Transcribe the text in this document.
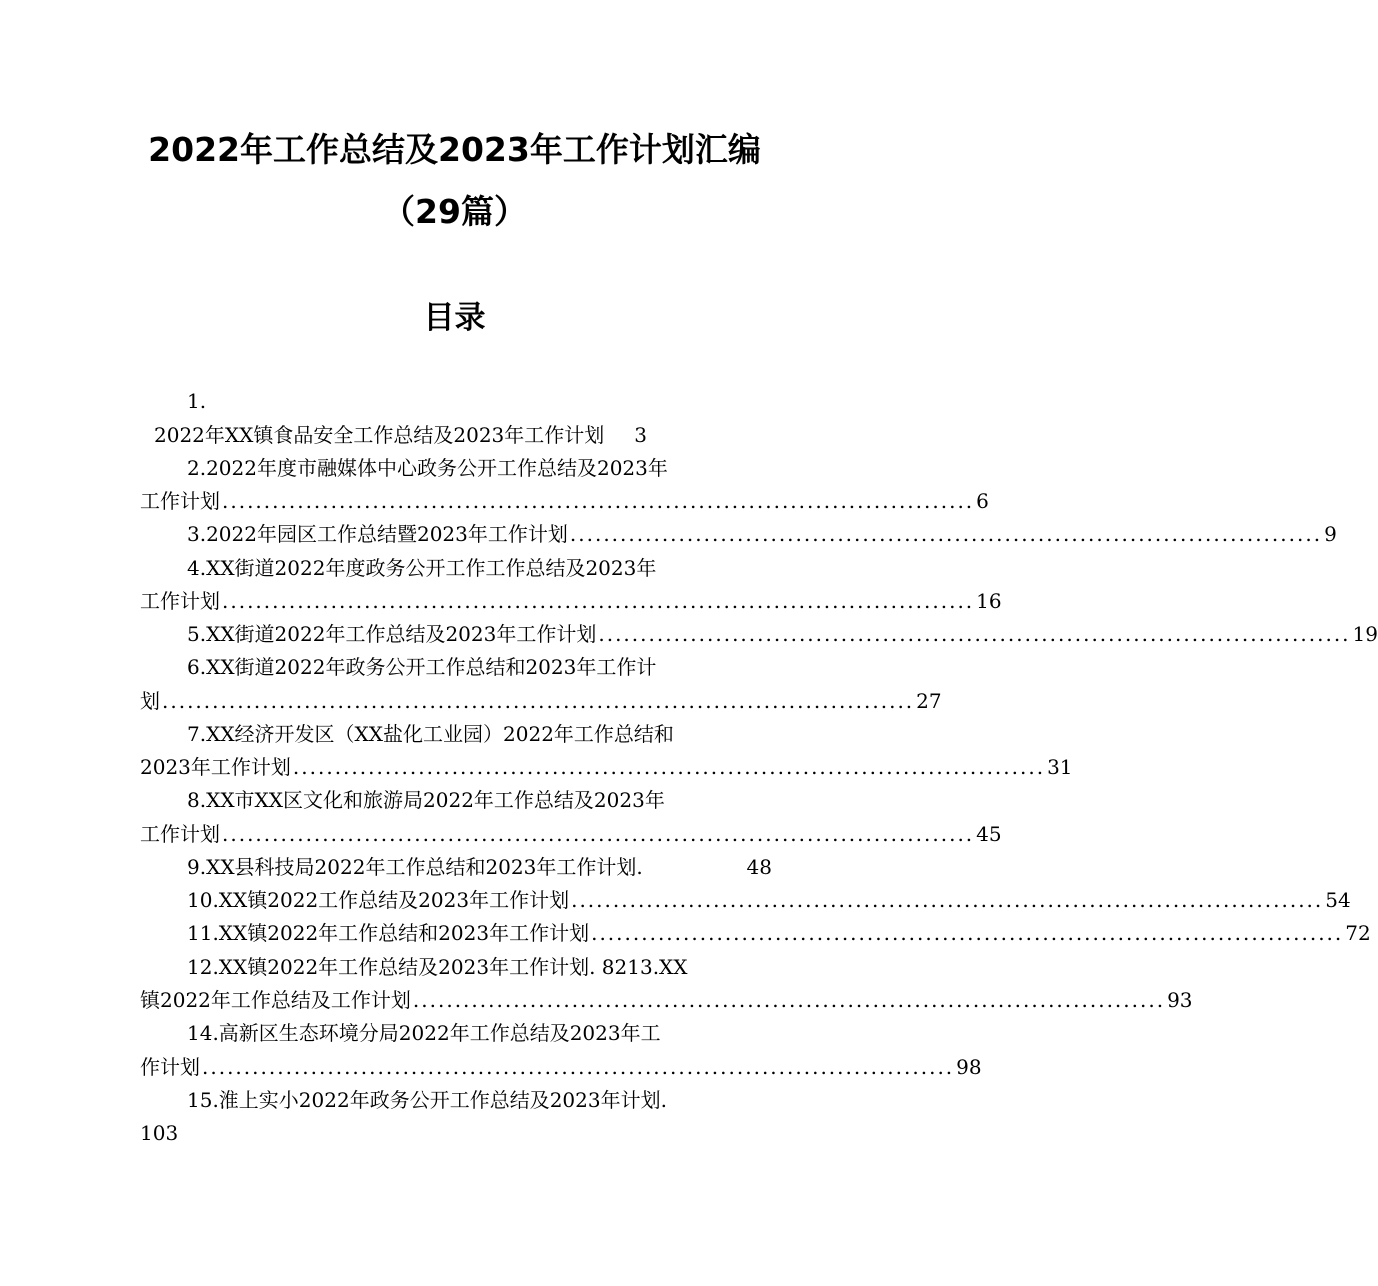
2022年工作总结及2023年工作计划汇编
（29篇）
目录
1.
2022年XX镇食品安全工作总结及2023年工作计划 3
2.2022年度市融媒体中心政务公开工作总结及2023年
工作计划 .......................................................................................... 6
3.2022年园区工作总结暨2023年工作计划 .......................................................................................... 9
4.XX街道2022年度政务公开工作工作总结及2023年
工作计划 .......................................................................................... 16
5.XX街道2022年工作总结及2023年工作计划 .......................................................................................... 19
6.XX街道2022年政务公开工作总结和2023年工作计
划 .......................................................................................... 27
7.XX经济开发区（XX盐化工业园）2022年工作总结和
2023年工作计划 .......................................................................................... 31
8.XX市XX区文化和旅游局2022年工作总结及2023年
工作计划 .......................................................................................... 45
9.XX县科技局2022年工作总结和2023年工作计划.	48
10.XX镇2022工作总结及2023年工作计划 .......................................................................................... 54
11.XX镇2022年工作总结和2023年工作计划 .......................................................................................... 72
12.XX镇2022年工作总结及2023年工作计划. 8213.XX
镇2022年工作总结及工作计划 .......................................................................................... 93
14.高新区生态环境分局2022年工作总结及2023年工
作计划 .......................................................................................... 98
15.淮上实小2022年政务公开工作总结及2023年计划.
103
